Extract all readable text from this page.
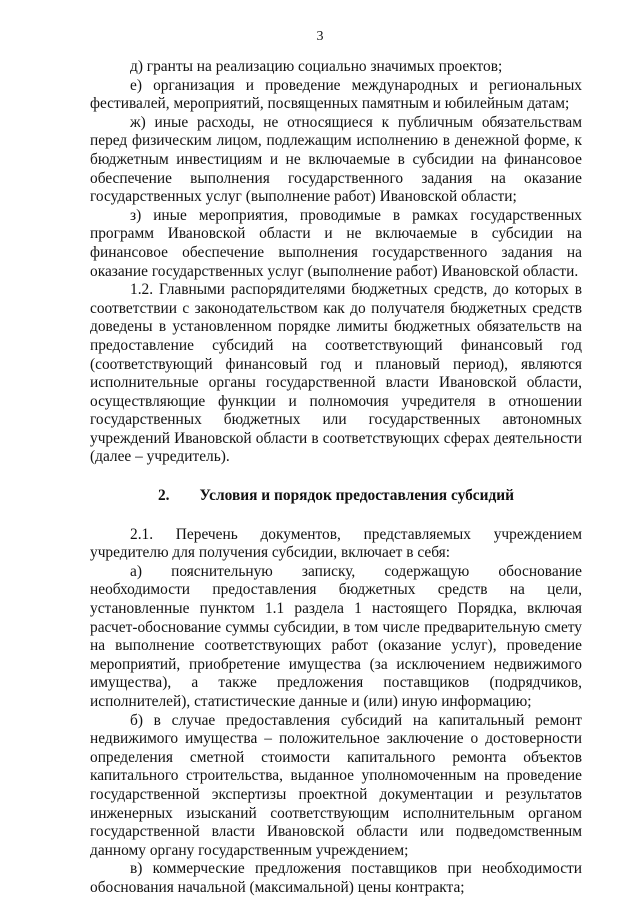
3

д) гранты на реализацию социально значимых проектов;

е) организация и проведение международных и региональных фестивалей, мероприятий, посвященных памятным и юбилейным датам;

ж) иные расходы, не относящиеся к публичным обязательствам перед физическим лицом, подлежащим исполнению в денежной форме, к бюджетным инвестициям и не включаемые в субсидии на финансовое обеспечение выполнения государственного задания на оказание государственных услуг (выполнение работ) Ивановской области;

з) иные мероприятия, проводимые в рамках государственных программ Ивановской области и не включаемые в субсидии на финансовое обеспечение выполнения государственного задания на оказание государственных услуг (выполнение работ) Ивановской области.

1.2. Главными распорядителями бюджетных средств, до которых в соответствии с законодательством как до получателя бюджетных средств доведены в установленном порядке лимиты бюджетных обязательств на предоставление субсидий на соответствующий финансовый год (соответствующий финансовый год и плановый период), являются исполнительные органы государственной власти Ивановской области, осуществляющие функции и полномочия учредителя в отношении государственных бюджетных или государственных автономных учреждений Ивановской области в соответствующих сферах деятельности (далее – учредитель).

2. Условия и порядок предоставления субсидий

2.1. Перечень документов, представляемых учреждением учредителю для получения субсидии, включает в себя:

а) пояснительную записку, содержащую обоснование необходимости предоставления бюджетных средств на цели, установленные пунктом 1.1 раздела 1 настоящего Порядка, включая расчет-обоснование суммы субсидии, в том числе предварительную смету на выполнение соответствующих работ (оказание услуг), проведение мероприятий, приобретение имущества (за исключением недвижимого имущества), а также предложения поставщиков (подрядчиков, исполнителей), статистические данные и (или) иную информацию;

б) в случае предоставления субсидий на капитальный ремонт недвижимого имущества – положительное заключение о достоверности определения сметной стоимости капитального ремонта объектов капитального строительства, выданное уполномоченным на проведение государственной экспертизы проектной документации и результатов инженерных изысканий соответствующим исполнительным органом государственной власти Ивановской области или подведомственным данному органу государственным учреждением;

в) коммерческие предложения поставщиков при необходимости обоснования начальной (максимальной) цены контракта;
